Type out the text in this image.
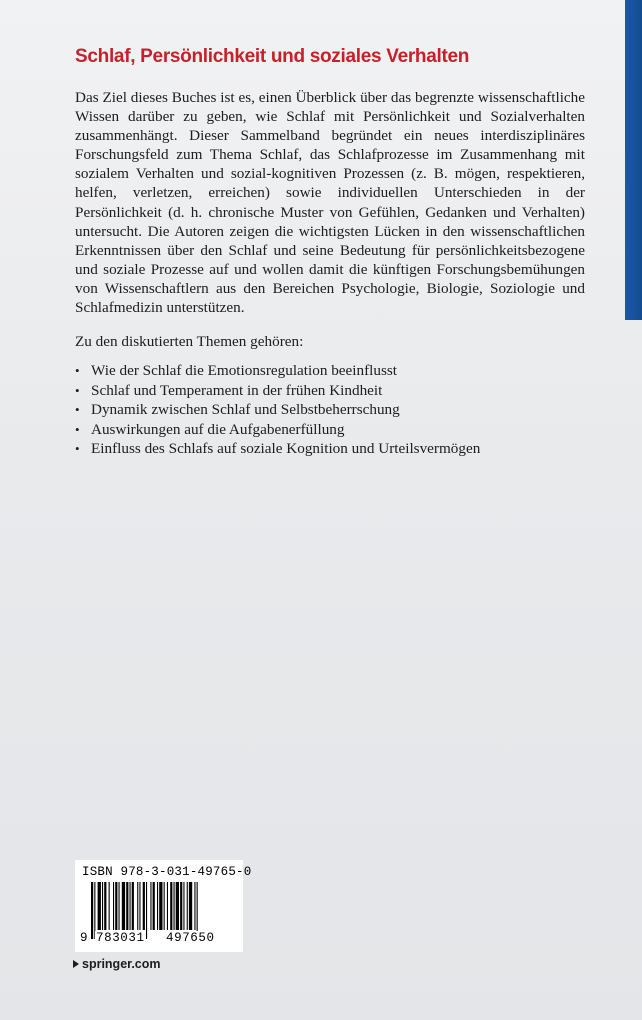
Schlaf, Persönlichkeit und soziales Verhalten

Das Ziel dieses Buches ist es, einen Überblick über das begrenzte wissenschaftliche Wissen darüber zu geben, wie Schlaf mit Persönlichkeit und Sozialverhalten zusammenhängt. Dieser Sammelband begründet ein neues interdisziplinäres Forschungsfeld zum Thema Schlaf, das Schlafprozesse im Zusammenhang mit sozialem Verhalten und sozial-kognitiven Prozessen (z. B. mögen, respektieren, helfen, verletzen, erreichen) sowie individuellen Unterschieden in der Persönlichkeit (d. h. chronische Muster von Gefühlen, Gedanken und Verhalten) untersucht. Die Autoren zeigen die wichtigsten Lücken in den wissenschaftlichen Erkenntnissen über den Schlaf und seine Bedeutung für persönlichkeitsbezogene und soziale Prozesse auf und wollen damit die künftigen Forschungsbemühungen von Wissenschaftlern aus den Bereichen Psychologie, Biologie, Soziologie und Schlafmedizin unterstützen.

Zu den diskutierten Themen gehören:

• Wie der Schlaf die Emotionsregulation beeinflusst
• Schlaf und Temperament in der frühen Kindheit
• Dynamik zwischen Schlaf und Selbstbeherrschung
• Auswirkungen auf die Aufgabenerfüllung
• Einfluss des Schlafs auf soziale Kognition und Urteilsvermögen
ISBN 978-3-031-49765-0
9 783031 497650
springer.com
